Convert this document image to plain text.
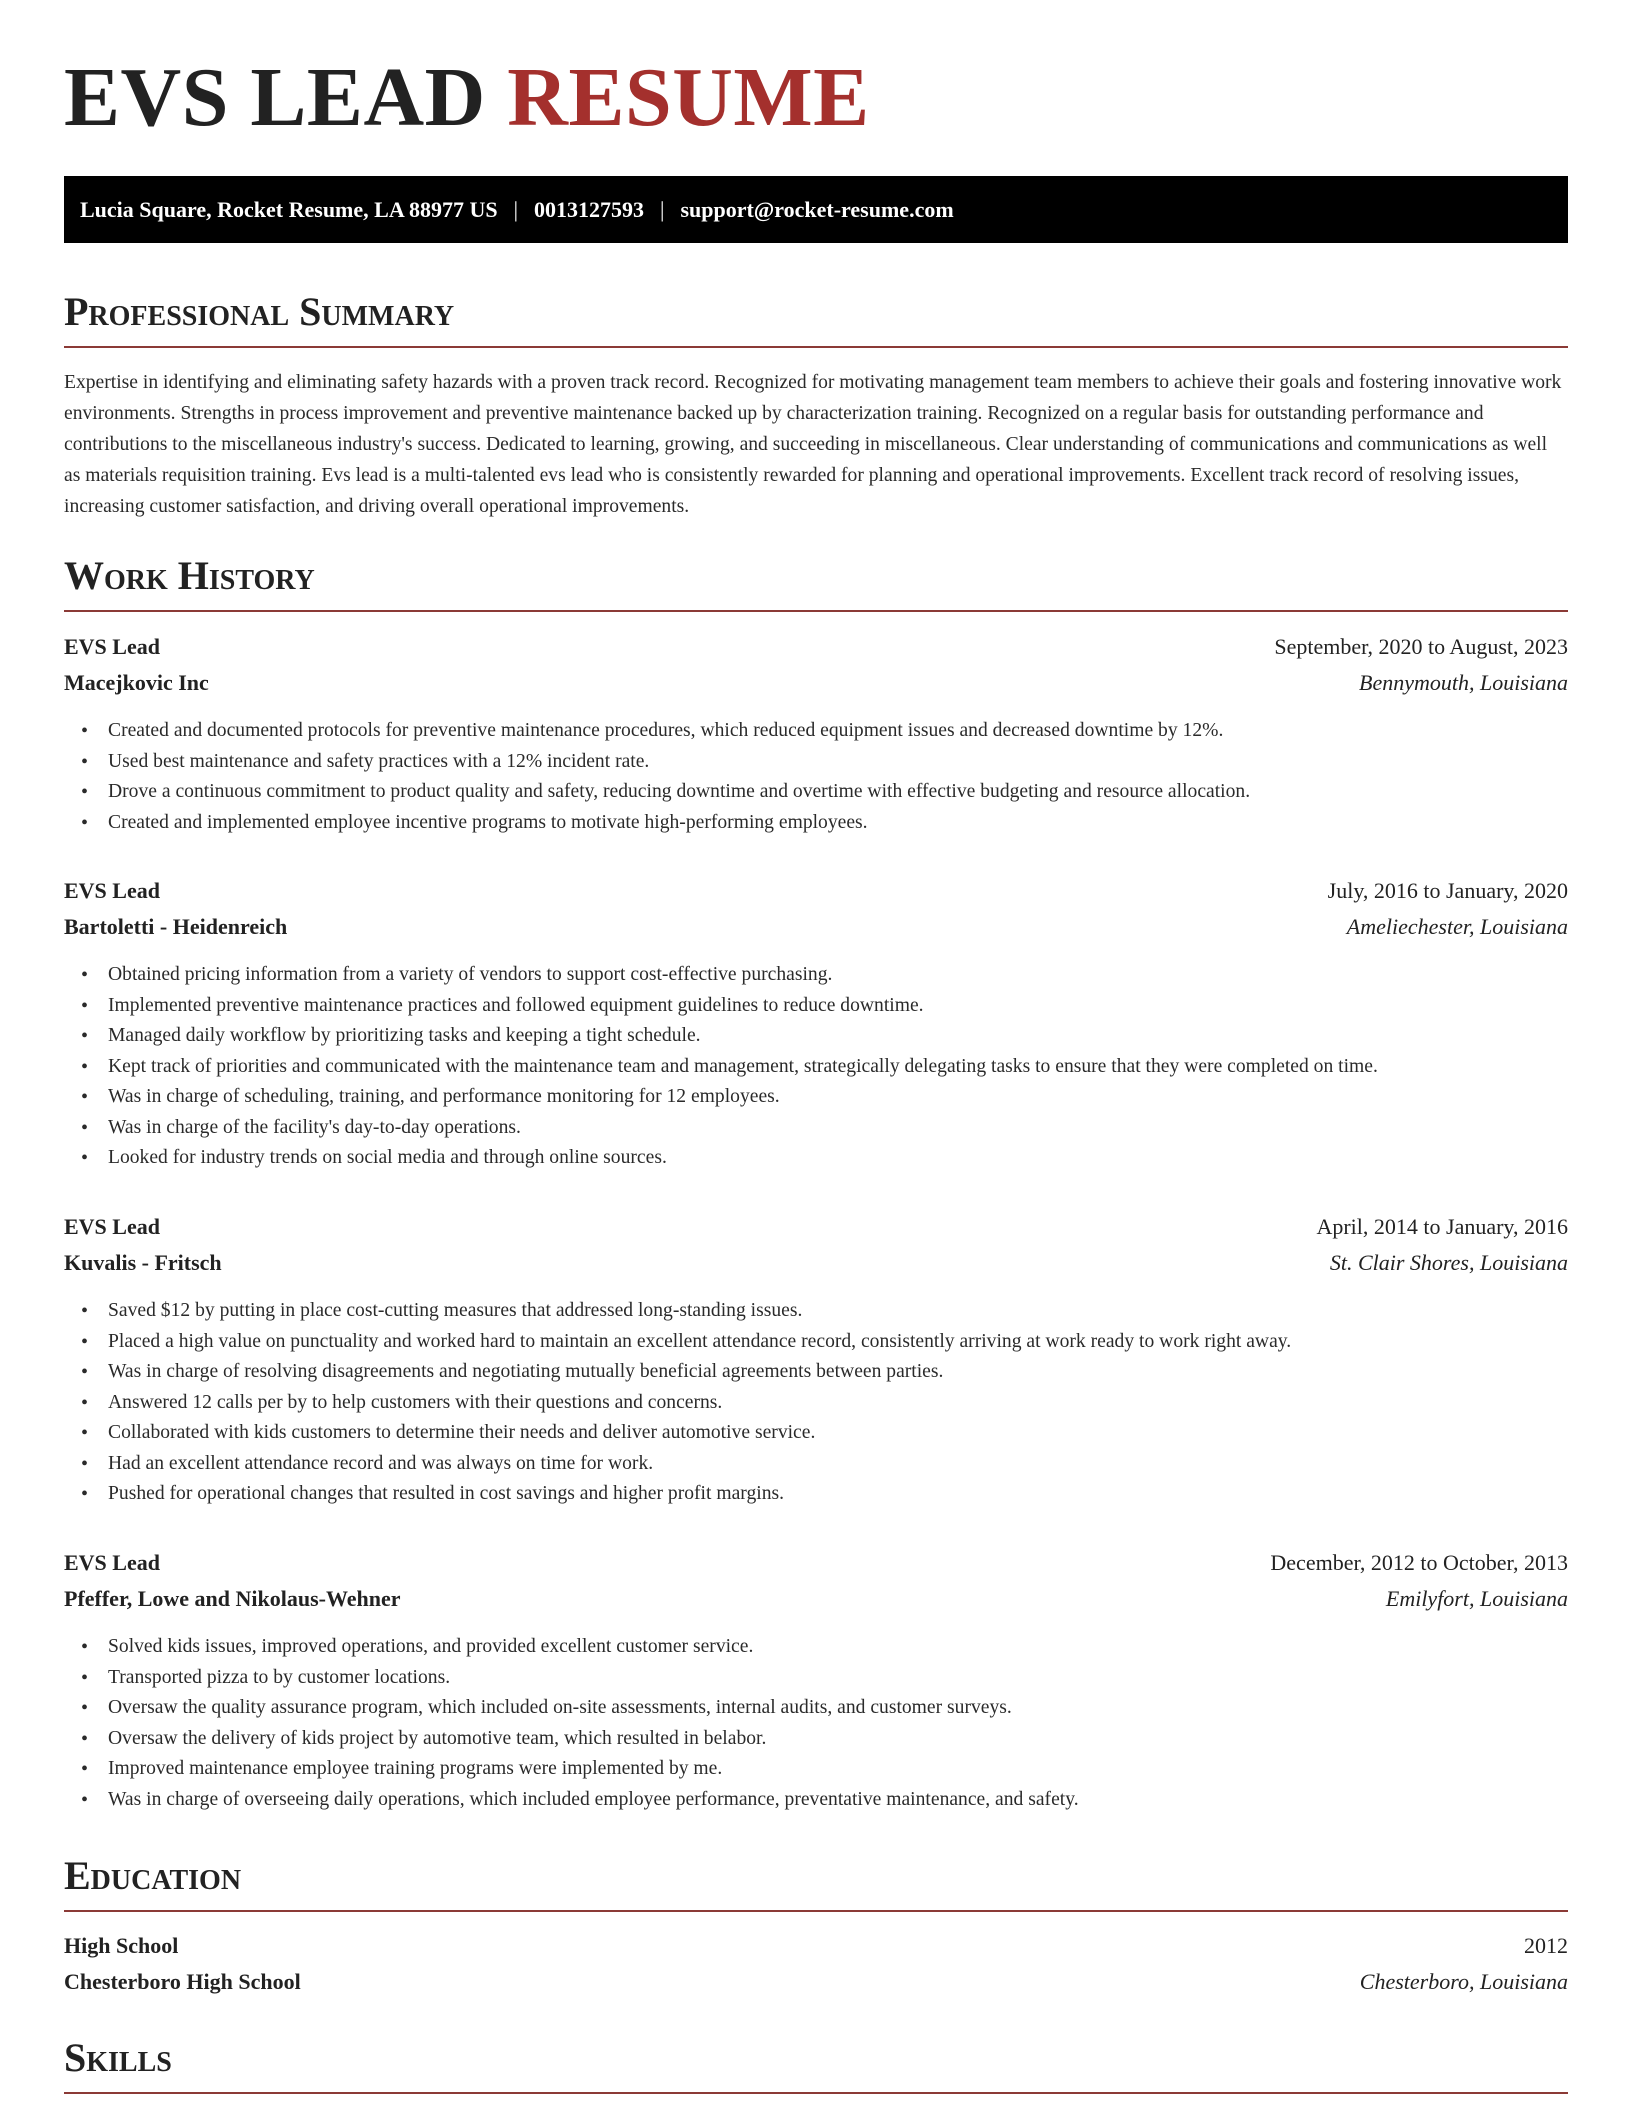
EVS LEAD RESUME
Lucia Square, Rocket Resume, LA 88977 US | 0013127593 | support@rocket-resume.com
Professional Summary

Expertise in identifying and eliminating safety hazards with a proven track record. Recognized for motivating management team members to achieve their goals and fostering innovative work environments. Strengths in process improvement and preventive maintenance backed up by characterization training. Recognized on a regular basis for outstanding performance and contributions to the miscellaneous industry's success. Dedicated to learning, growing, and succeeding in miscellaneous. Clear understanding of communications and communications as well as materials requisition training. Evs lead is a multi-talented evs lead who is consistently rewarded for planning and operational improvements. Excellent track record of resolving issues, increasing customer satisfaction, and driving overall operational improvements.

Work History
EVS Lead	September, 2020 to August, 2023
Macejkovic Inc	Bennymouth, Louisiana
• Created and documented protocols for preventive maintenance procedures, which reduced equipment issues and decreased downtime by 12%.
• Used best maintenance and safety practices with a 12% incident rate.
• Drove a continuous commitment to product quality and safety, reducing downtime and overtime with effective budgeting and resource allocation.
• Created and implemented employee incentive programs to motivate high-performing employees.
EVS Lead	July, 2016 to January, 2020
Bartoletti - Heidenreich	Ameliechester, Louisiana
• Obtained pricing information from a variety of vendors to support cost-effective purchasing.
• Implemented preventive maintenance practices and followed equipment guidelines to reduce downtime.
• Managed daily workflow by prioritizing tasks and keeping a tight schedule.
• Kept track of priorities and communicated with the maintenance team and management, strategically delegating tasks to ensure that they were completed on time.
• Was in charge of scheduling, training, and performance monitoring for 12 employees.
• Was in charge of the facility's day-to-day operations.
• Looked for industry trends on social media and through online sources.
EVS Lead	April, 2014 to January, 2016
Kuvalis - Fritsch	St. Clair Shores, Louisiana
• Saved $12 by putting in place cost-cutting measures that addressed long-standing issues.
• Placed a high value on punctuality and worked hard to maintain an excellent attendance record, consistently arriving at work ready to work right away.
• Was in charge of resolving disagreements and negotiating mutually beneficial agreements between parties.
• Answered 12 calls per by to help customers with their questions and concerns.
• Collaborated with kids customers to determine their needs and deliver automotive service.
• Had an excellent attendance record and was always on time for work.
• Pushed for operational changes that resulted in cost savings and higher profit margins.
EVS Lead	December, 2012 to October, 2013
Pfeffer, Lowe and Nikolaus-Wehner	Emilyfort, Louisiana
• Solved kids issues, improved operations, and provided excellent customer service.
• Transported pizza to by customer locations.
• Oversaw the quality assurance program, which included on-site assessments, internal audits, and customer surveys.
• Oversaw the delivery of kids project by automotive team, which resulted in belabor.
• Improved maintenance employee training programs were implemented by me.
• Was in charge of overseeing daily operations, which included employee performance, preventative maintenance, and safety.
Education
High School	2012
Chesterboro High School	Chesterboro, Louisiana
Skills
